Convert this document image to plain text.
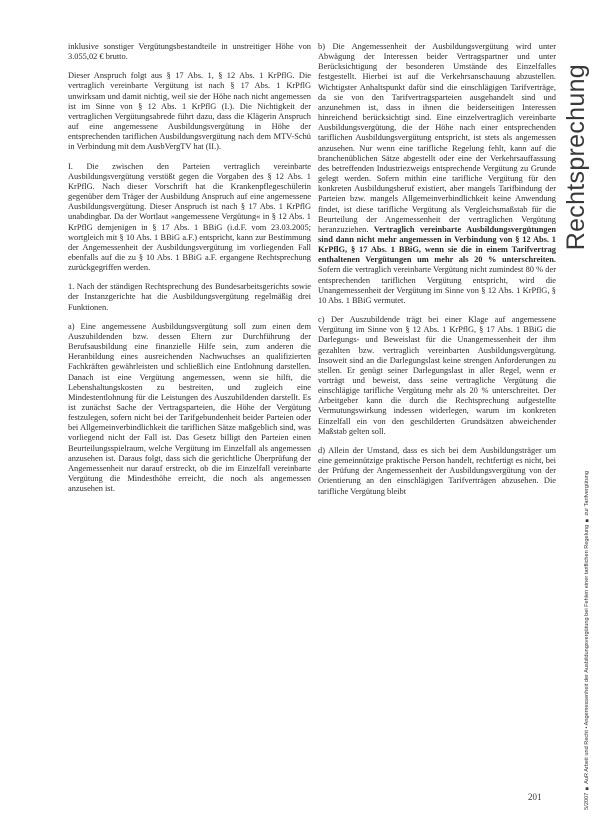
inklusive sonstiger Vergütungsbestandteile in unstreitiger Höhe von 3.055,02 € brutto.

Dieser Anspruch folgt aus § 17 Abs. 1, § 12 Abs. 1 KrPflG. Die vertraglich vereinbarte Vergütung ist nach § 17 Abs. 1 KrPflG unwirksam und damit nichtig, weil sie der Höhe nach nicht angemessen ist im Sinne von § 12 Abs. 1 KrPflG (I.). Die Nichtigkeit der vertraglichen Vergütungsabrede führt dazu, dass die Klägerin Anspruch auf eine angemessene Ausbildungsvergütung in Höhe der entsprechenden tariflichen Ausbildungsvergütung nach dem MTV-Schü in Verbindung mit dem AusbVergTV hat (II.).

I. Die zwischen den Parteien vertraglich vereinbarte Ausbildungsvergütung verstößt gegen die Vorgaben des § 12 Abs. 1 KrPflG. Nach dieser Vorschrift hat die Krankenpflegeschülerin gegenüber dem Träger der Ausbildung Anspruch auf eine angemessene Ausbildungsvergütung. Dieser Anspruch ist nach § 17 Abs. 1 KrPflG unabdingbar. Da der Wortlaut »angemessene Vergütung« in § 12 Abs. 1 KrPflG demjenigen in § 17 Abs. 1 BBiG (i.d.F. vom 23.03.2005; wortgleich mit § 10 Abs. 1 BBiG a.F.) entspricht, kann zur Bestimmung der Angemessenheit der Ausbildungsvergütung im vorliegenden Fall ebenfalls auf die zu § 10 Abs. 1 BBiG a.F. ergangene Rechtsprechung zurückgegriffen werden.

1. Nach der ständigen Rechtsprechung des Bundesarbeitsgerichts sowie der Instanzgerichte hat die Ausbildungsvergütung regelmäßig drei Funktionen.

a) Eine angemessene Ausbildungsvergütung soll zum einen dem Auszubildenden bzw. dessen Eltern zur Durchführung der Berufsausbildung eine finanzielle Hilfe sein, zum anderen die Heranbildung eines ausreichenden Nachwuchses an qualifizierten Fachkräften gewährleisten und schließlich eine Entlohnung darstellen. Danach ist eine Vergütung angemessen, wenn sie hilft, die Lebenshaltungskosten zu bestreiten, und zugleich eine Mindestentlohnung für die Leistungen des Auszubildenden darstellt. Es ist zunächst Sache der Vertragsparteien, die Höhe der Vergütung festzulegen, sofern nicht bei der Tarifgebundenheit beider Parteien oder bei Allgemeinverbindlichkeit die tariflichen Sätze maßgeblich sind, was vorliegend nicht der Fall ist. Das Gesetz billigt den Parteien einen Beurteilungsspielraum, welche Vergütung im Einzelfall als angemessen anzusehen ist. Daraus folgt, dass sich die gerichtliche Überprüfung der Angemessenheit nur darauf erstreckt, ob die im Einzelfall vereinbarte Vergütung die Mindesthöhe erreicht, die noch als angemessen anzusehen ist.

b) Die Angemessenheit der Ausbildungsvergütung wird unter Abwägung der Interessen beider Vertragspartner und unter Berücksichtigung der besonderen Umstände des Einzelfalles festgestellt. Hierbei ist auf die Verkehrsanschauung abzustellen. Wichtigster Anhaltspunkt dafür sind die einschlägigen Tarifverträge, da sie von den Tarifvertragsparteien ausgehandelt sind und anzunehmen ist, dass in ihnen die beiderseitigen Interessen hinreichend berücksichtigt sind. Eine einzelvertraglich vereinbarte Ausbildungsvergütung, die der Höhe nach einer entsprechenden tariflichen Ausbildungsvergütung entspricht, ist stets als angemessen anzusehen. Nur wenn eine tarifliche Regelung fehlt, kann auf die branchenüblichen Sätze abgestellt oder eine der Verkehrsauffassung des betreffenden Industriezweigs entsprechende Vergütung zu Grunde gelegt werden. Sofern mithin eine tarifliche Vergütung für den konkreten Ausbildungsberuf existiert, aber mangels Tarifbindung der Parteien bzw. mangels Allgemeinverbindlichkeit keine Anwendung findet, ist diese tarifliche Vergütung als Vergleichsmaßstab für die Beurteilung der Angemessenheit der vertraglichen Vergütung heranzuziehen. Vertraglich vereinbarte Ausbildungsvergütungen sind dann nicht mehr angemessen in Verbindung von § 12 Abs. 1 KrPflG, § 17 Abs. 1 BBiG, wenn sie die in einem Tarifvertrag enthaltenen Vergütungen um mehr als 20 % unterschreiten. Sofern die vertraglich vereinbarte Vergütung nicht zumindest 80 % der entsprechenden tariflichen Vergütung entspricht, wird die Unangemessenheit der Vergütung im Sinne von § 12 Abs. 1 KrPflG, § 10 Abs. 1 BBiG vermutet.

c) Der Auszubildende trägt bei einer Klage auf angemessene Vergütung im Sinne von § 12 Abs. 1 KrPflG, § 17 Abs. 1 BBiG die Darlegungs- und Beweislast für die Unangemessenheit der ihm gezahlten bzw. vertraglich vereinbarten Ausbildungsvergütung. Insoweit sind an die Darlegungslast keine strengen Anforderungen zu stellen. Er genügt seiner Darlegungslast in aller Regel, wenn er vorträgt und beweist, dass seine vertragliche Vergütung die einschlägige tarifliche Vergütung mehr als 20 % unterschreitet. Der Arbeitgeber kann die durch die Rechtsprechung aufgestellte Vermutungswirkung indessen widerlegen, warum im konkreten Einzelfall ein von den geschilderten Grundsätzen abweichender Maßstab gelten soll.

d) Allein der Umstand, dass es sich bei dem Ausbildungsträger um eine gemeinnützige praktische Person handelt, rechtfertigt es nicht, bei der Prüfung der Angemessenheit der Ausbildungsvergütung von der Orientierung an den einschlägigen Tarifverträgen abzusehen. Die tarifliche Vergütung bleibt

Rechtsprechung
5/2007 ■ AuR Arbeit und Recht • Angemessenheit der Ausbildungsvergütung bei Fehlen einer tariflichen Regelung ■ zur Tarifvergütung
201
